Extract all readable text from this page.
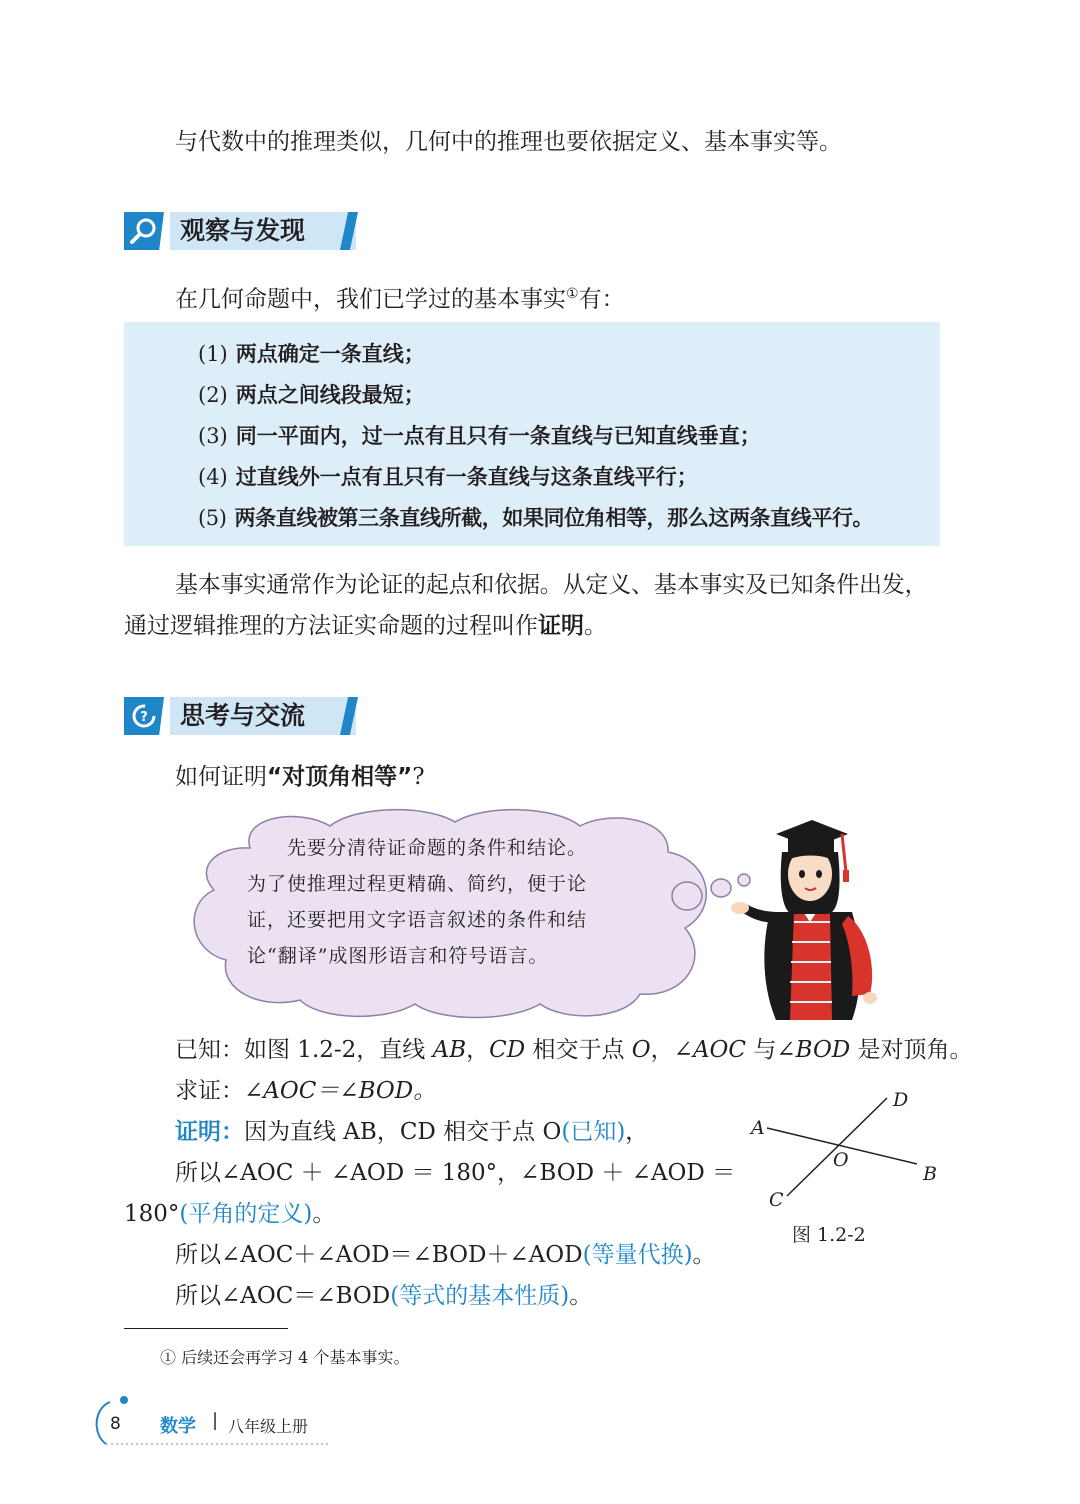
与代数中的推理类似，几何中的推理也要依据定义、基本事实等。
观察与发现
在几何命题中，我们已学过的基本事实①有：
(1) 两点确定一条直线；
(2) 两点之间线段最短；
(3) 同一平面内，过一点有且只有一条直线与已知直线垂直；
(4) 过直线外一点有且只有一条直线与这条直线平行；
(5) 两条直线被第三条直线所截，如果同位角相等，那么这两条直线平行。
基本事实通常作为论证的起点和依据。从定义、基本事实及已知条件出发，
通过逻辑推理的方法证实命题的过程叫作证明。
? 思考与交流
如何证明“对顶角相等”?
先要分清待证命题的条件和结论。
为了使推理过程更精确、简约，便于论
证，还要把用文字语言叙述的条件和结
论“翻译”成图形语言和符号语言。
已知：如图 1.2-2，直线 AB，CD 相交于点 O，∠AOC 与∠BOD 是对顶角。
求证：∠AOC＝∠BOD。
证明：因为直线 AB，CD 相交于点 O(已知)，
所以∠AOC ＋ ∠AOD ＝ 180°，∠BOD ＋ ∠AOD ＝
180°(平角的定义)。
所以∠AOC＋∠AOD＝∠BOD＋∠AOD(等量代换)。
所以∠AOC＝∠BOD(等式的基本性质)。
A
B
C
D
O
图 1.2-2
① 后续还会再学习 4 个基本事实。
8 数学 | 八年级上册
